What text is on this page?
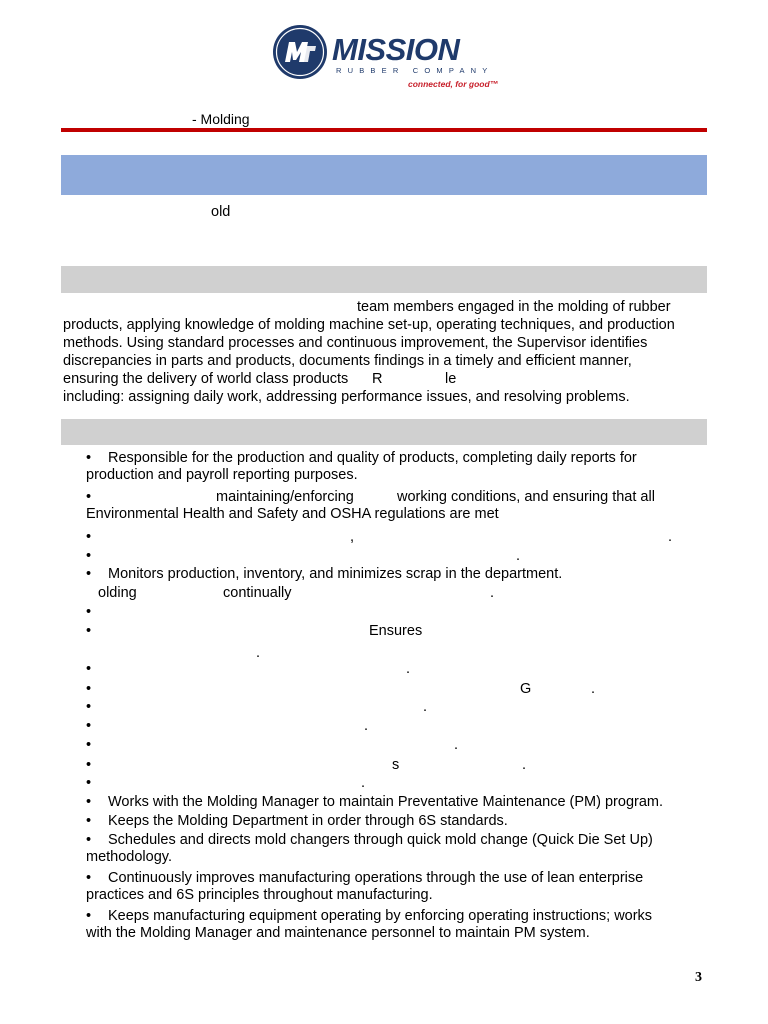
MISSION
RUBBER COMPANY
connected, for good™
- Molding
old
team members engaged in the molding of rubber
products, applying knowledge of molding machine set-up, operating techniques, and production
methods. Using standard processes and continuous improvement, the Supervisor identifies
discrepancies in parts and products, documents findings in a timely and efficient manner,
ensuring the delivery of world class products R	le
including: assigning daily work, addressing performance issues, and resolving problems.
• Responsible for the production and quality of products, completing daily reports for
production and payroll reporting purposes.
•	maintaining/enforcing	working conditions, and ensuring that all

Environmental Health and Safety and OSHA regulations are met
•	,	.
•	.
• Monitors production, inventory, and minimizes scrap in the department.

olding	continually	.
•
•	Ensures
.
•	.
•	G	.
•	.
•	.
•	.
•	s	.
•	.
• Works with the Molding Manager to maintain Preventative Maintenance (PM) program.
• Keeps the Molding Department in order through 6S standards.
• Schedules and directs mold changers through quick mold change (Quick Die Set Up)
methodology.
• Continuously improves manufacturing operations through the use of lean enterprise
practices and 6S principles throughout manufacturing.
• Keeps manufacturing equipment operating by enforcing operating instructions; works
with the Molding Manager and maintenance personnel to maintain PM system.
3
